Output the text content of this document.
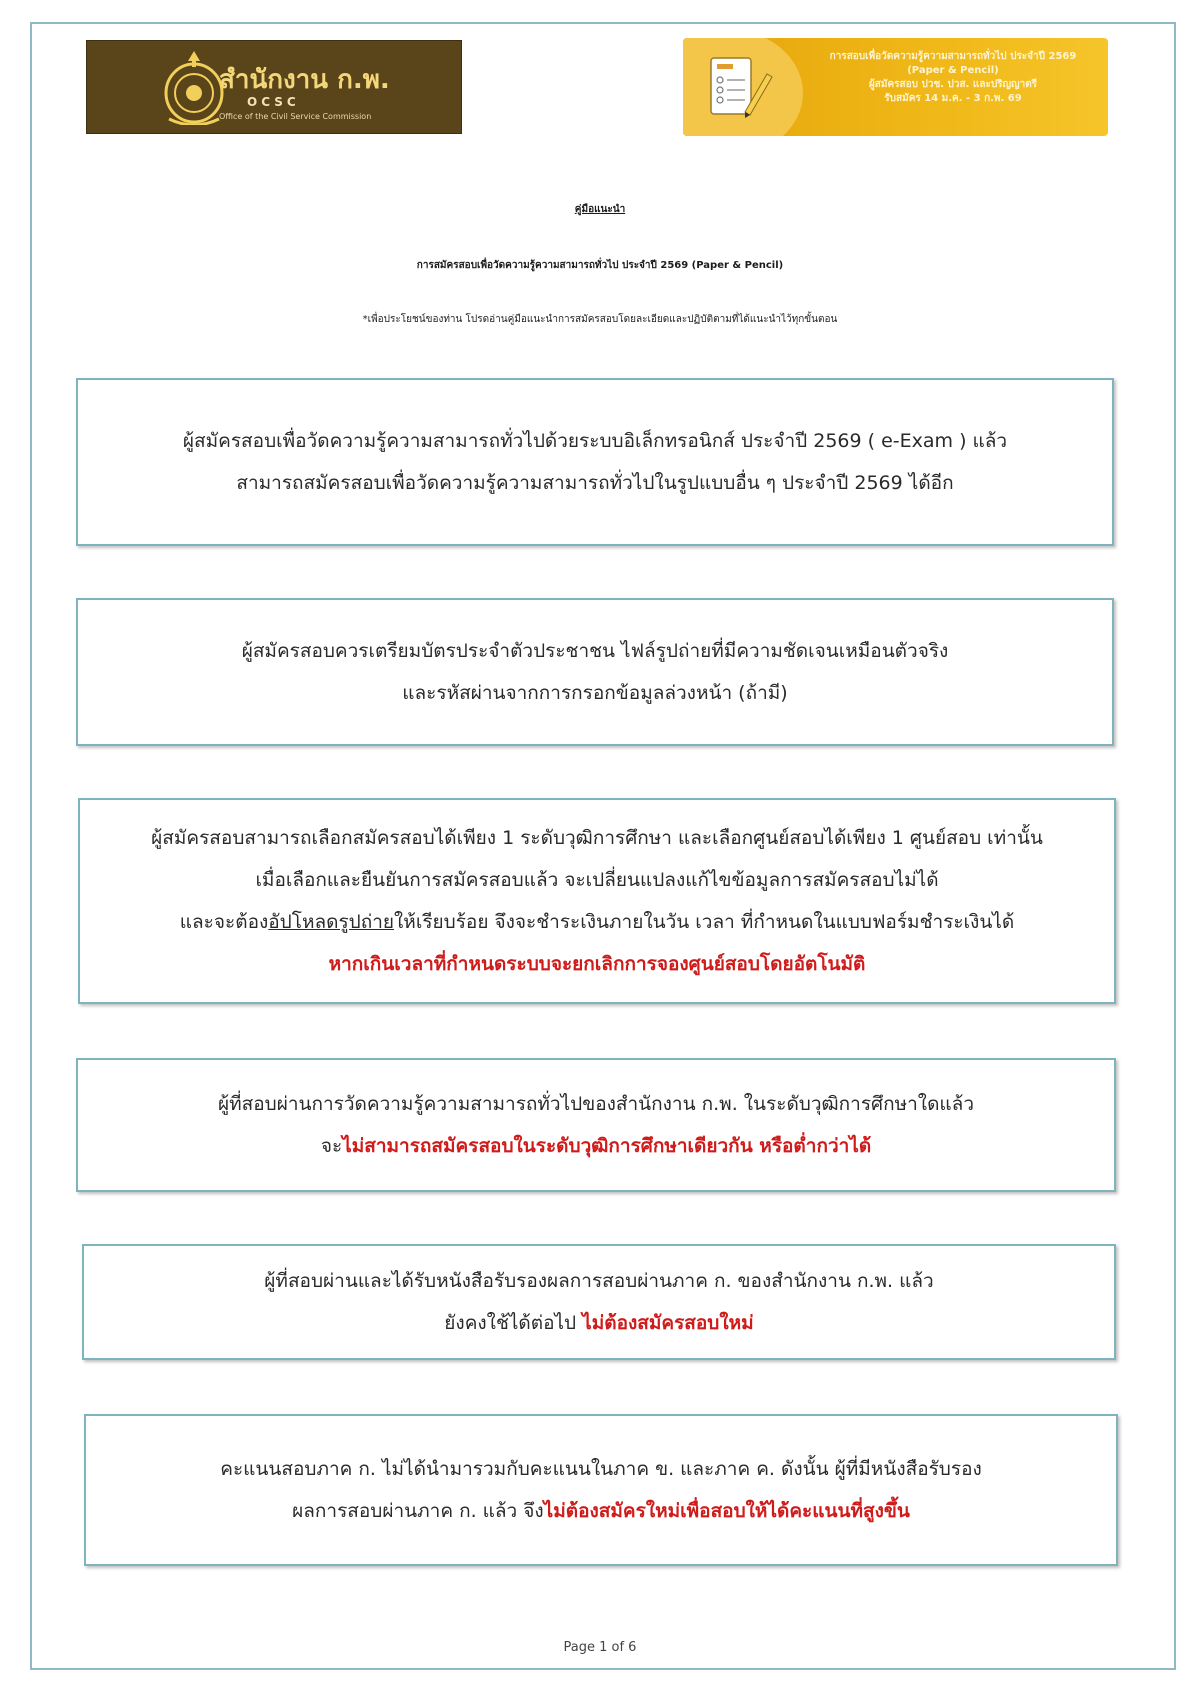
สำนักงาน ก.พ.
OCSC
Office of the Civil Service Commission
การสอบเพื่อวัดความรู้ความสามารถทั่วไป ประจำปี 2569
(Paper & Pencil)
ผู้สมัครสอบ ปวช. ปวส. และปริญญาตรี
รับสมัคร 14 ม.ค. - 3 ก.พ. 69
คู่มือแนะนำ
การสมัครสอบเพื่อวัดความรู้ความสามารถทั่วไป ประจำปี 2569 (Paper & Pencil)
*เพื่อประโยชน์ของท่าน โปรดอ่านคู่มือแนะนำการสมัครสอบโดยละเอียดและปฏิบัติตามที่ได้แนะนำไว้ทุกขั้นตอน
ผู้สมัครสอบเพื่อวัดความรู้ความสามารถทั่วไปด้วยระบบอิเล็กทรอนิกส์ ประจำปี 2569 ( e-Exam ) แล้ว
สามารถสมัครสอบเพื่อวัดความรู้ความสามารถทั่วไปในรูปแบบอื่น ๆ ประจำปี 2569 ได้อีก
ผู้สมัครสอบควรเตรียมบัตรประจำตัวประชาชน ไฟล์รูปถ่ายที่มีความชัดเจนเหมือนตัวจริง
และรหัสผ่านจากการกรอกข้อมูลล่วงหน้า (ถ้ามี)
ผู้สมัครสอบสามารถเลือกสมัครสอบได้เพียง 1 ระดับวุฒิการศึกษา และเลือกศูนย์สอบได้เพียง 1 ศูนย์สอบ เท่านั้น
เมื่อเลือกและยืนยันการสมัครสอบแล้ว จะเปลี่ยนแปลงแก้ไขข้อมูลการสมัครสอบไม่ได้
และจะต้องอัปโหลดรูปถ่ายให้เรียบร้อย จึงจะชำระเงินภายในวัน เวลา ที่กำหนดในแบบฟอร์มชำระเงินได้
หากเกินเวลาที่กำหนดระบบจะยกเลิกการจองศูนย์สอบโดยอัตโนมัติ
ผู้ที่สอบผ่านการวัดความรู้ความสามารถทั่วไปของสำนักงาน ก.พ. ในระดับวุฒิการศึกษาใดแล้ว
จะไม่สามารถสมัครสอบในระดับวุฒิการศึกษาเดียวกัน หรือต่ำกว่าได้
ผู้ที่สอบผ่านและได้รับหนังสือรับรองผลการสอบผ่านภาค ก. ของสำนักงาน ก.พ. แล้ว
ยังคงใช้ได้ต่อไป ไม่ต้องสมัครสอบใหม่
คะแนนสอบภาค ก. ไม่ได้นำมารวมกับคะแนนในภาค ข. และภาค ค. ดังนั้น ผู้ที่มีหนังสือรับรอง
ผลการสอบผ่านภาค ก. แล้ว จึงไม่ต้องสมัครใหม่เพื่อสอบให้ได้คะแนนที่สูงขึ้น
Page 1 of 6
